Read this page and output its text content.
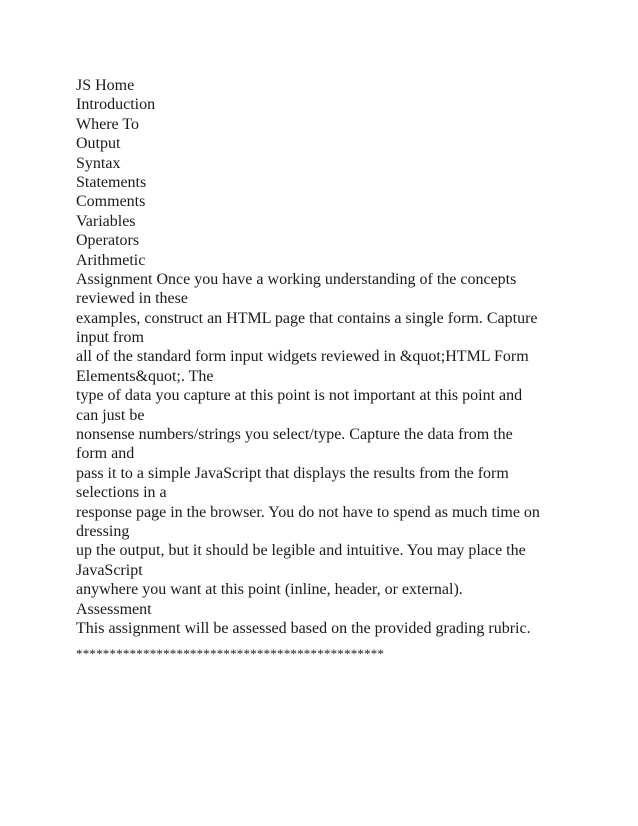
JS Home
Introduction
Where To
Output
Syntax
Statements
Comments
Variables
Operators
Arithmetic
Assignment Once you have a working understanding of the concepts
reviewed in these
examples, construct an HTML page that contains a single form. Capture
input from
all of the standard form input widgets reviewed in &quot;HTML Form
Elements&quot;. The
type of data you capture at this point is not important at this point and
can just be
nonsense numbers/strings you select/type. Capture the data from the
form and
pass it to a simple JavaScript that displays the results from the form
selections in a
response page in the browser. You do not have to spend as much time on
dressing
up the output, but it should be legible and intuitive. You may place the
JavaScript
anywhere you want at this point (inline, header, or external).
Assessment
This assignment will be assessed based on the provided grading rubric.
**********************************************
